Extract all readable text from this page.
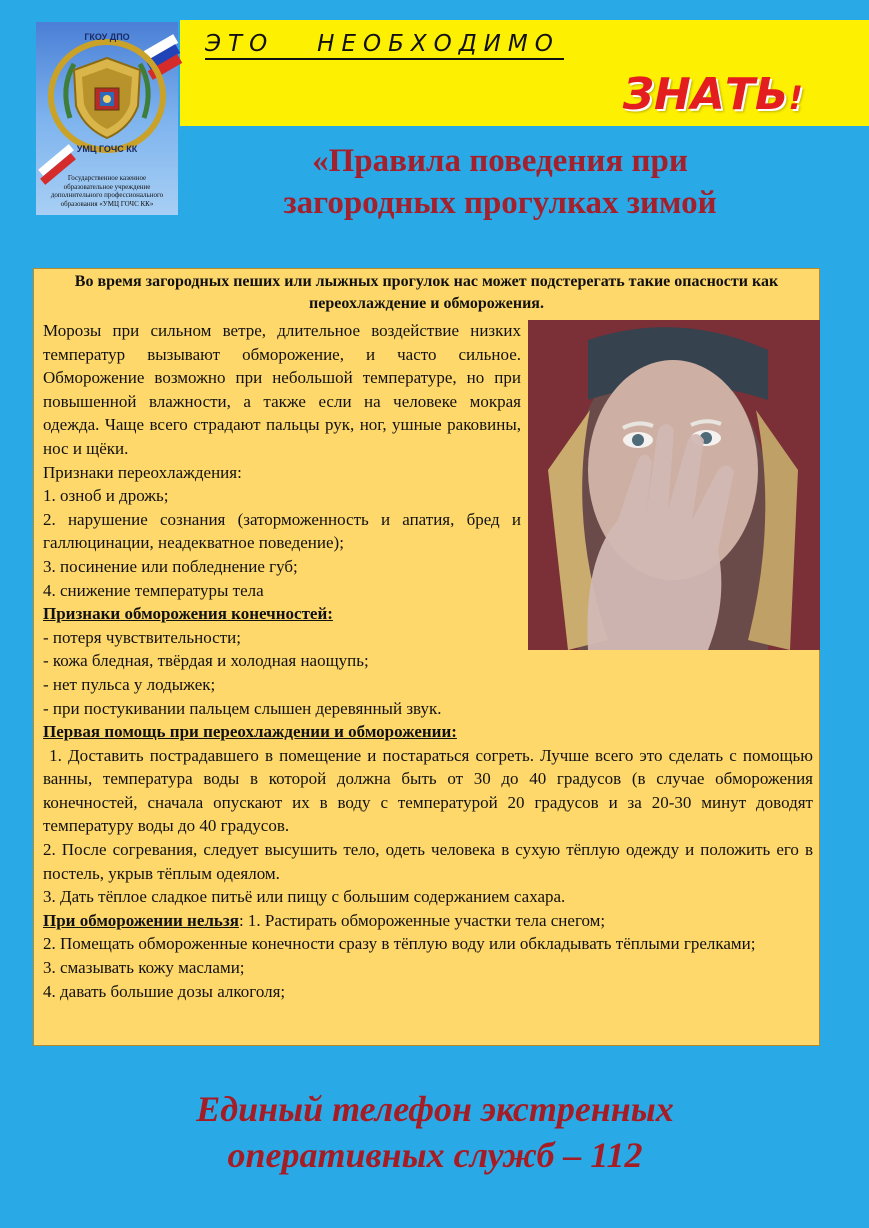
ЭТО   НЕОБХОДИМО
ЗНАТЬ!
ГКОУ ДПО
УМЦ ГОЧС КК
Государственное казенное образовательное учреждение дополнительного профессионального образования «УМЦ ГОЧС КК»
«Правила поведения при
загородных прогулках зимой
Во время загородных пеших или лыжных прогулок нас может подстерегать такие опасности как переохлаждение и обморожения.

Морозы при сильном ветре, длительное воздействие низких температур вызывают обморожение, и часто сильное. Обморожение возможно при небольшой температуре, но при повышенной влажности, а также если на человеке мокрая одежда. Чаще всего страдают пальцы рук, ног, ушные раковины, нос и щёки.

Признаки переохлаждения:

1. озноб и дрожь;

2. нарушение сознания (заторможенность и апатия, бред и галлюцинации, неадекватное поведение);

3. посинение или побледнение губ;

4. снижение температуры тела

Признаки обморожения конечностей:

- потеря чувствительности;

- кожа бледная, твёрдая и холодная наощупь;

- нет пульса у лодыжек;

- при постукивании пальцем слышен деревянный звук.

Первая помощь при переохлаждении и обморожении:

1. Доставить пострадавшего в помещение и постараться согреть. Лучше всего это сделать с помощью ванны, температура воды в которой должна быть от 30 до 40 градусов (в случае обморожения конечностей, сначала опускают их в воду с температурой 20 градусов и за 20-30 минут доводят температуру воды до 40 градусов.

2. После согревания, следует высушить тело, одеть человека в сухую тёплую одежду и положить его в постель, укрыв тёплым одеялом.

3. Дать тёплое сладкое питьё или пищу с большим содержанием сахара.

При обморожении нельзя: 1. Растирать обмороженные участки тела снегом;

2. Помещать обмороженные конечности сразу в тёплую воду или обкладывать тёплыми грелками;

3. смазывать кожу маслами;

4. давать большие дозы алкоголя;

Единый телефон экстренных
оперативных служб – 112
